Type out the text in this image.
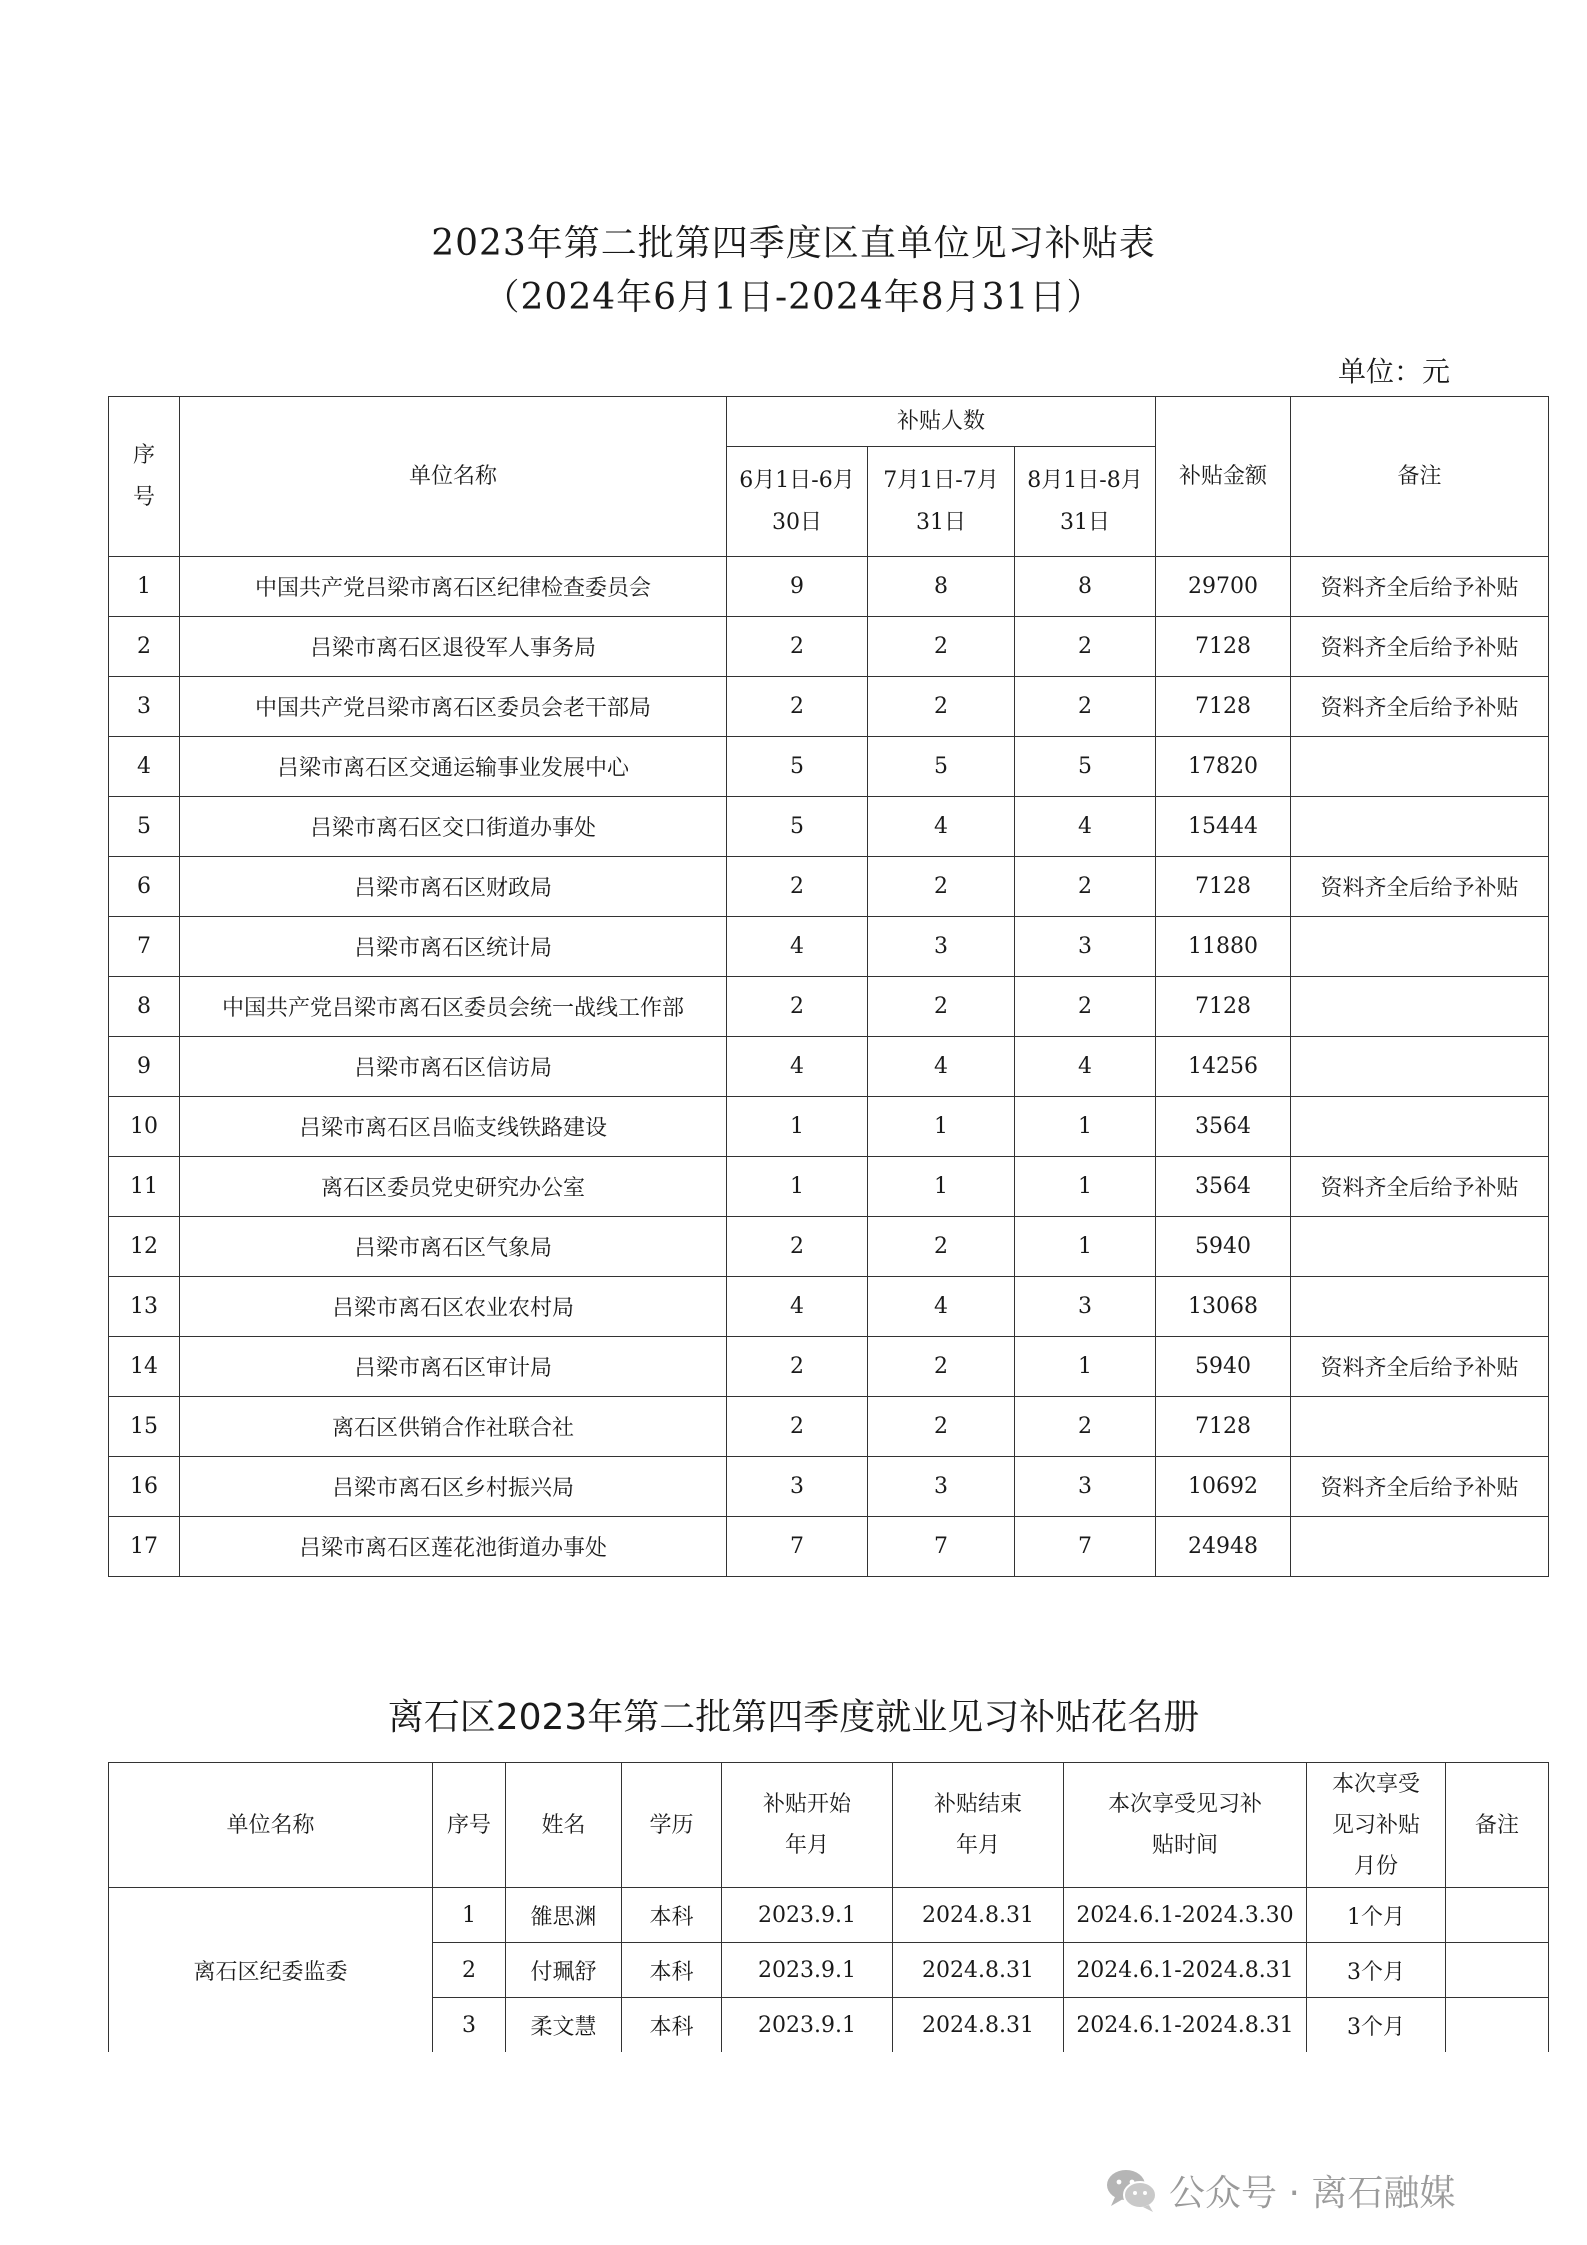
2023年第二批第四季度区直单位见习补贴表
（2024年6月1日-2024年8月31日）
单位：元
序号	单位名称	补贴人数			补贴金额	备注
		6月1日-6月30日	7月1日-7月31日	8月1日-8月31日		
1	中国共产党吕梁市离石区纪律检查委员会	9	8	8	29700	资料齐全后给予补贴
2	吕梁市离石区退役军人事务局	2	2	2	7128	资料齐全后给予补贴
3	中国共产党吕梁市离石区委员会老干部局	2	2	2	7128	资料齐全后给予补贴
4	吕梁市离石区交通运输事业发展中心	5	5	5	17820	
5	吕梁市离石区交口街道办事处	5	4	4	15444	
6	吕梁市离石区财政局	2	2	2	7128	资料齐全后给予补贴
7	吕梁市离石区统计局	4	3	3	11880	
8	中国共产党吕梁市离石区委员会统一战线工作部	2	2	2	7128	
9	吕梁市离石区信访局	4	4	4	14256	
10	吕梁市离石区吕临支线铁路建设	1	1	1	3564	
11	离石区委员党史研究办公室	1	1	1	3564	资料齐全后给予补贴
12	吕梁市离石区气象局	2	2	1	5940	
13	吕梁市离石区农业农村局	4	4	3	13068	
14	吕梁市离石区审计局	2	2	1	5940	资料齐全后给予补贴
15	离石区供销合作社联合社	2	2	2	7128	
16	吕梁市离石区乡村振兴局	3	3	3	10692	资料齐全后给予补贴
17	吕梁市离石区莲花池街道办事处	7	7	7	24948	
离石区2023年第二批第四季度就业见习补贴花名册
单位名称	序号	姓名	学历	补贴开始年月	补贴结束年月	本次享受见习补贴时间	本次享受见习补贴月份	备注
离石区纪委监委	1	雒思渊	本科	2023.9.1	2024.8.31	2024.6.1-2024.3.30	1个月	
	2	付珮舒	本科	2023.9.1	2024.8.31	2024.6.1-2024.8.31	3个月	
	3	柔文慧	本科	2023.9.1	2024.8.31	2024.6.1-2024.8.31	3个月	
公众号 · 离石融媒
